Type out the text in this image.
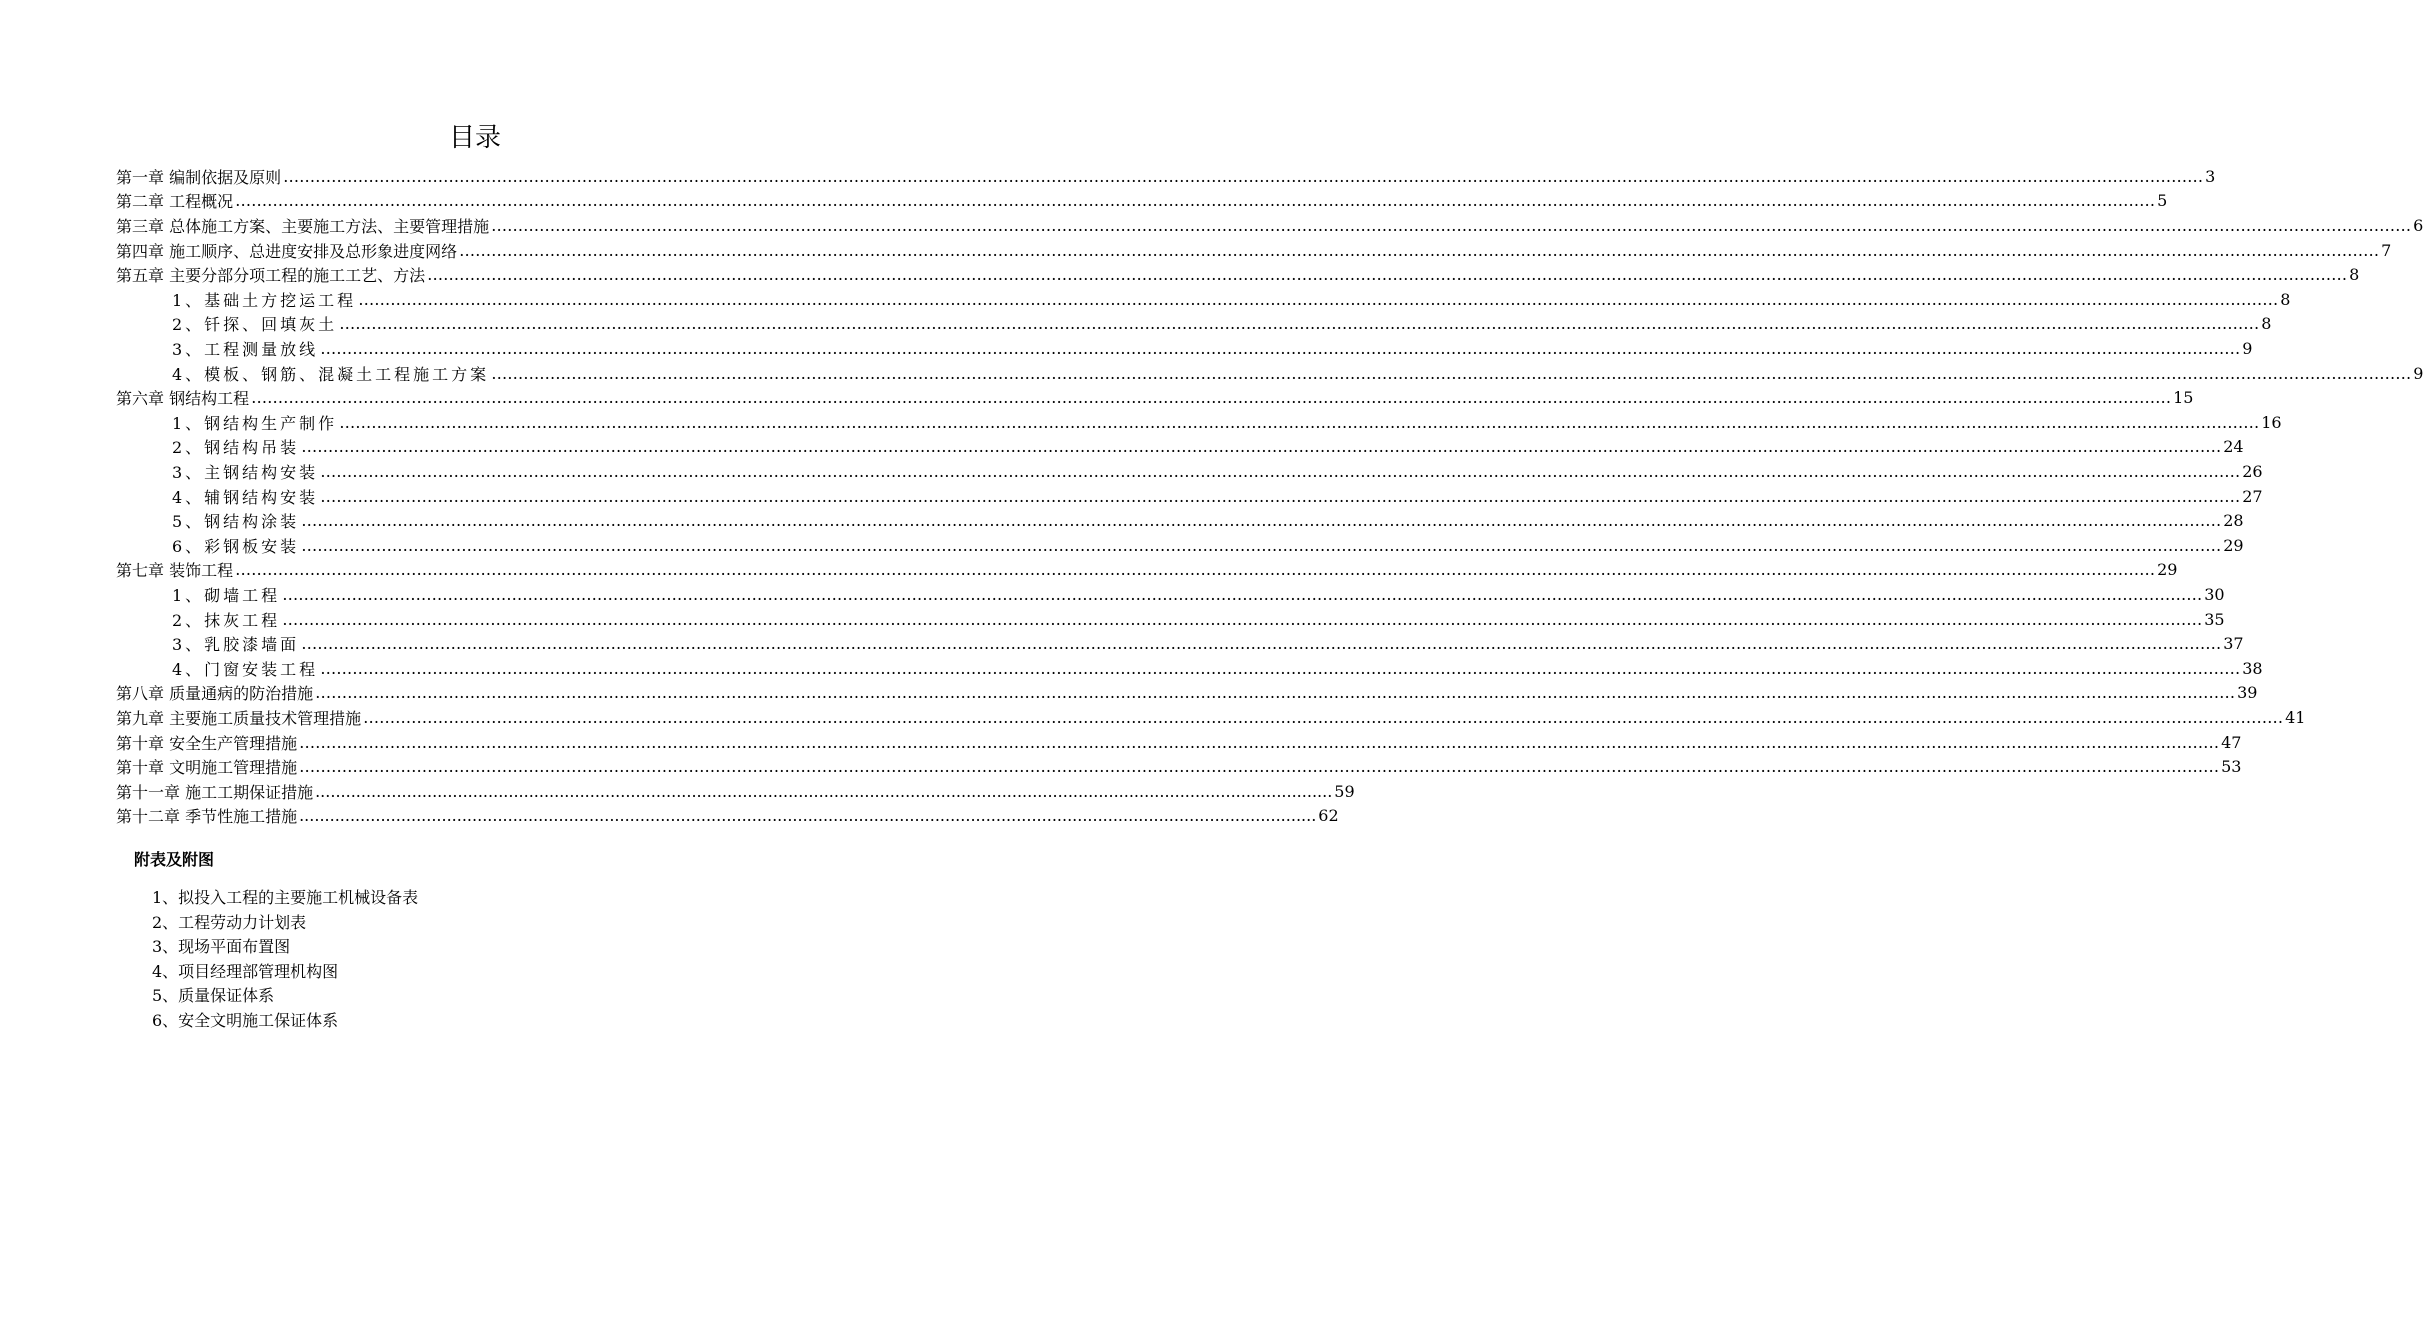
目录
第一章 编制依据及原则 ……………………………………………………………………………………………………………………………………………………………………………………………………………………………………………………………………………………………………………………………… 3
第二章 工程概况 ……………………………………………………………………………………………………………………………………………………………………………………………………………………………………………………………………………………………………………………………… 5
第三章 总体施工方案、主要施工方法、主要管理措施 ……………………………………………………………………………………………………………………………………………………………………………………………………………………………………………………………………………………………………………………………… 6
第四章 施工顺序、总进度安排及总形象进度网络 ……………………………………………………………………………………………………………………………………………………………………………………………………………………………………………………………………………………………………………………………… 7
第五章 主要分部分项工程的施工工艺、方法 ……………………………………………………………………………………………………………………………………………………………………………………………………………………………………………………………………………………………………………………………… 8
1、基础土方挖运工程 ……………………………………………………………………………………………………………………………………………………………………………………………………………………………………………………………………………………………………………………………… 8
2、钎探、回填灰土 ……………………………………………………………………………………………………………………………………………………………………………………………………………………………………………………………………………………………………………………………… 8
3、工程测量放线 ……………………………………………………………………………………………………………………………………………………………………………………………………………………………………………………………………………………………………………………………… 9
4、模板、钢筋、混凝土工程施工方案 ……………………………………………………………………………………………………………………………………………………………………………………………………………………………………………………………………………………………………………………………… 9
第六章 钢结构工程 ……………………………………………………………………………………………………………………………………………………………………………………………………………………………………………………………………………………………………………………………… 15
1、钢结构生产制作 ……………………………………………………………………………………………………………………………………………………………………………………………………………………………………………………………………………………………………………………………… 16
2、钢结构吊装 ……………………………………………………………………………………………………………………………………………………………………………………………………………………………………………………………………………………………………………………………… 24
3、主钢结构安装 ……………………………………………………………………………………………………………………………………………………………………………………………………………………………………………………………………………………………………………………………… 26
4、辅钢结构安装 ……………………………………………………………………………………………………………………………………………………………………………………………………………………………………………………………………………………………………………………………… 27
5、钢结构涂装 ……………………………………………………………………………………………………………………………………………………………………………………………………………………………………………………………………………………………………………………………… 28
6、彩钢板安装 ……………………………………………………………………………………………………………………………………………………………………………………………………………………………………………………………………………………………………………………………… 29
第七章 装饰工程 ……………………………………………………………………………………………………………………………………………………………………………………………………………………………………………………………………………………………………………………………… 29
1、砌墙工程 ……………………………………………………………………………………………………………………………………………………………………………………………………………………………………………………………………………………………………………………………… 30
2、抹灰工程 ……………………………………………………………………………………………………………………………………………………………………………………………………………………………………………………………………………………………………………………………… 35
3、乳胶漆墙面 ……………………………………………………………………………………………………………………………………………………………………………………………………………………………………………………………………………………………………………………………… 37
4、门窗安装工程 ……………………………………………………………………………………………………………………………………………………………………………………………………………………………………………………………………………………………………………………………… 38
第八章 质量通病的防治措施 ……………………………………………………………………………………………………………………………………………………………………………………………………………………………………………………………………………………………………………………………… 39
第九章 主要施工质量技术管理措施 ……………………………………………………………………………………………………………………………………………………………………………………………………………………………………………………………………………………………………………………………… 41
第十章 安全生产管理措施 ……………………………………………………………………………………………………………………………………………………………………………………………………………………………………………………………………………………………………………………………… 47
第十章 文明施工管理措施 ……………………………………………………………………………………………………………………………………………………………………………………………………………………………………………………………………………………………………………………………… 53
第十一章 施工工期保证措施 ........................................................................................................................................................................................................ 59
第十二章 季节性施工措施 ........................................................................................................................................................................................................ 62
附表及附图
1、拟投入工程的主要施工机械设备表
2、工程劳动力计划表
3、现场平面布置图
4、项目经理部管理机构图
5、质量保证体系
6、安全文明施工保证体系
